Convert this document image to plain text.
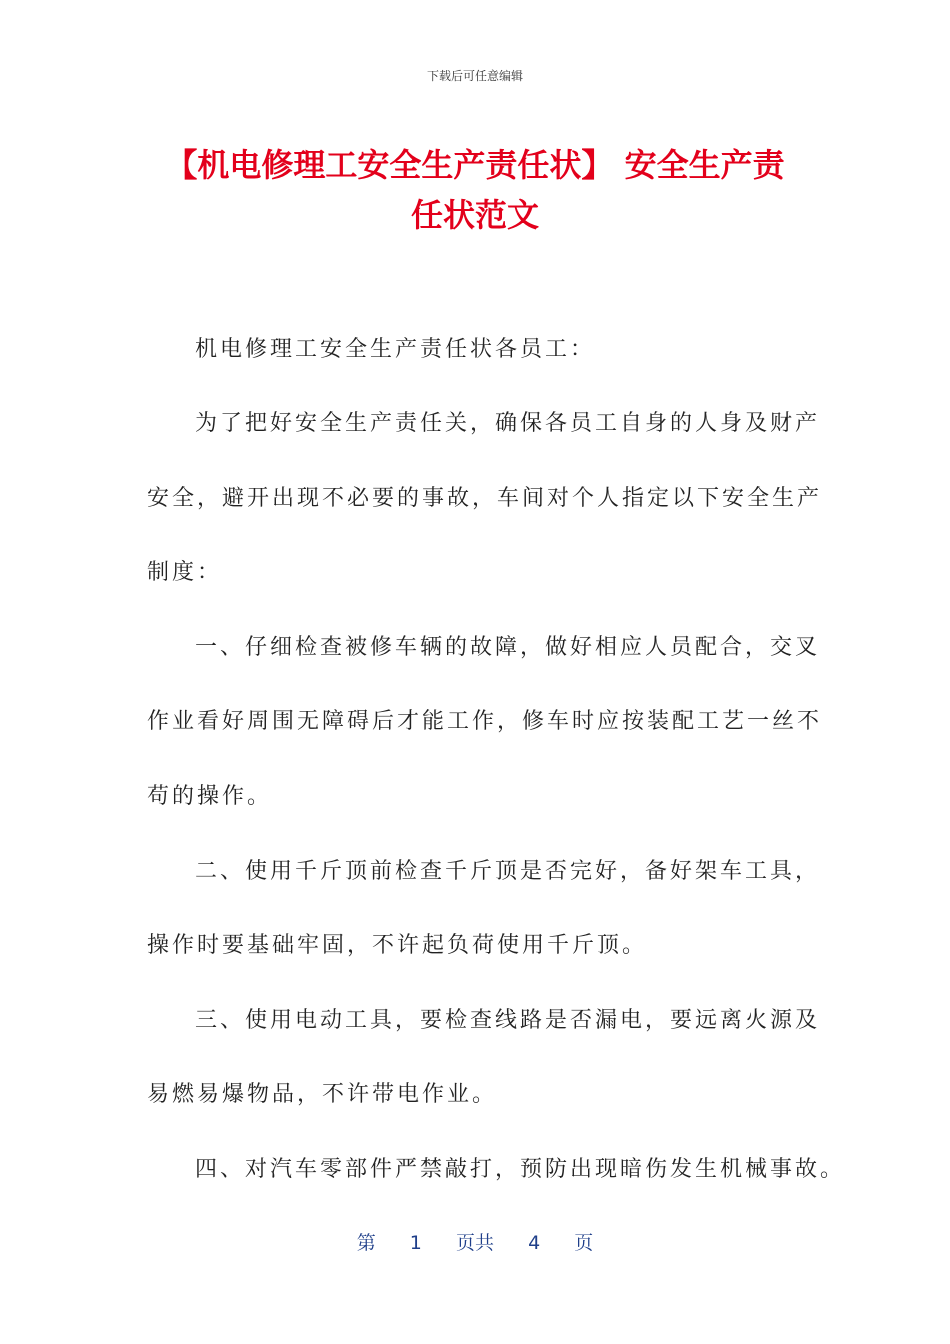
下载后可任意编辑
【机电修理工安全生产责任状】 安全生产责
任状范文
机电修理工安全生产责任状各员工：
为了把好安全生产责任关，确保各员工自身的人身及财产
安全，避开出现不必要的事故，车间对个人指定以下安全生产
制度：
一、仔细检查被修车辆的故障，做好相应人员配合，交叉
作业看好周围无障碍后才能工作，修车时应按装配工艺一丝不
苟的操作。
二、使用千斤顶前检查千斤顶是否完好，备好架车工具，
操作时要基础牢固，不许起负荷使用千斤顶。
三、使用电动工具，要检查线路是否漏电，要远离火源及
易燃易爆物品，不许带电作业。
四、对汽车零部件严禁敲打，预防出现暗伤发生机械事故。
第 1 页共 4 页
